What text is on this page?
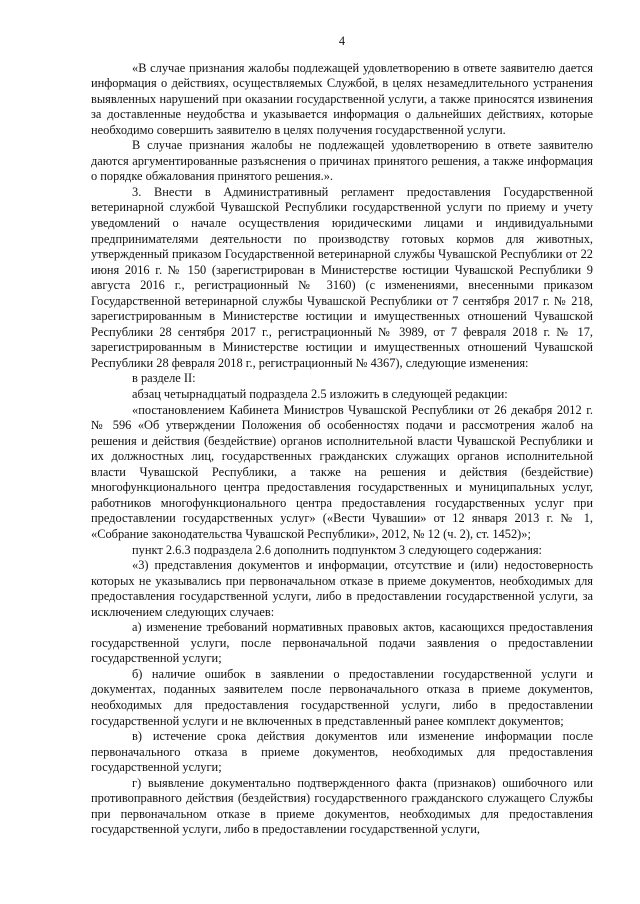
4

«В случае признания жалобы подлежащей удовлетворению в ответе заявителю дается информация о действиях, осуществляемых Службой, в целях незамедлительного устранения выявленных нарушений при оказании государственной услуги, а также приносятся извинения за доставленные неудобства и указывается информация о дальнейших действиях, которые необходимо совершить заявителю в целях получения государственной услуги.

В случае признания жалобы не подлежащей удовлетворению в ответе заявителю даются аргументированные разъяснения о причинах принятого решения, а также информация о порядке обжалования принятого решения.».

3. Внести в Административный регламент предоставления Государственной ветеринарной службой Чувашской Республики государственной услуги по приему и учету уведомлений о начале осуществления юридическими лицами и индивидуальными предпринимателями деятельности по производству готовых кормов для животных, утвержденный приказом Государственной ветеринарной службы Чувашской Республики от 22 июня 2016 г. № 150 (зарегистрирован в Министерстве юстиции Чувашской Республики 9 августа 2016 г., регистрационный № 3160) (с изменениями, внесенными приказом Государственной ветеринарной службы Чувашской Республики от 7 сентября 2017 г. № 218, зарегистрированным в Министерстве юстиции и имущественных отношений Чувашской Республики 28 сентября 2017 г., регистрационный № 3989, от 7 февраля 2018 г. № 17, зарегистрированным в Министерстве юстиции и имущественных отношений Чувашской Республики 28 февраля 2018 г., регистрационный № 4367), следующие изменения:

в разделе II:

абзац четырнадцатый подраздела 2.5 изложить в следующей редакции:

«постановлением Кабинета Министров Чувашской Республики от 26 декабря 2012 г. № 596 «Об утверждении Положения об особенностях подачи и рассмотрения жалоб на решения и действия (бездействие) органов исполнительной власти Чувашской Республики и их должностных лиц, государственных гражданских служащих органов исполнительной власти Чувашской Республики, а также на решения и действия (бездействие) многофункционального центра предоставления государственных и муниципальных услуг, работников многофункционального центра предоставления государственных услуг при предоставлении государственных услуг» («Вести Чувашии» от 12 января 2013 г. № 1, «Собрание законодательства Чувашской Республики», 2012, № 12 (ч. 2), ст. 1452)»;

пункт 2.6.3 подраздела 2.6 дополнить подпунктом 3 следующего содержания:

«3) представления документов и информации, отсутствие и (или) недостоверность которых не указывались при первоначальном отказе в приеме документов, необходимых для предоставления государственной услуги, либо в предоставлении государственной услуги, за исключением следующих случаев:

а) изменение требований нормативных правовых актов, касающихся предоставления государственной услуги, после первоначальной подачи заявления о предоставлении государственной услуги;

б) наличие ошибок в заявлении о предоставлении государственной услуги и документах, поданных заявителем после первоначального отказа в приеме документов, необходимых для предоставления государственной услуги, либо в предоставлении государственной услуги и не включенных в представленный ранее комплект документов;

в) истечение срока действия документов или изменение информации после первоначального отказа в приеме документов, необходимых для предоставления государственной услуги;

г) выявление документально подтвержденного факта (признаков) ошибочного или противоправного действия (бездействия) государственного гражданского служащего Службы при первоначальном отказе в приеме документов, необходимых для предоставления государственной услуги, либо в предоставлении государственной услуги,
